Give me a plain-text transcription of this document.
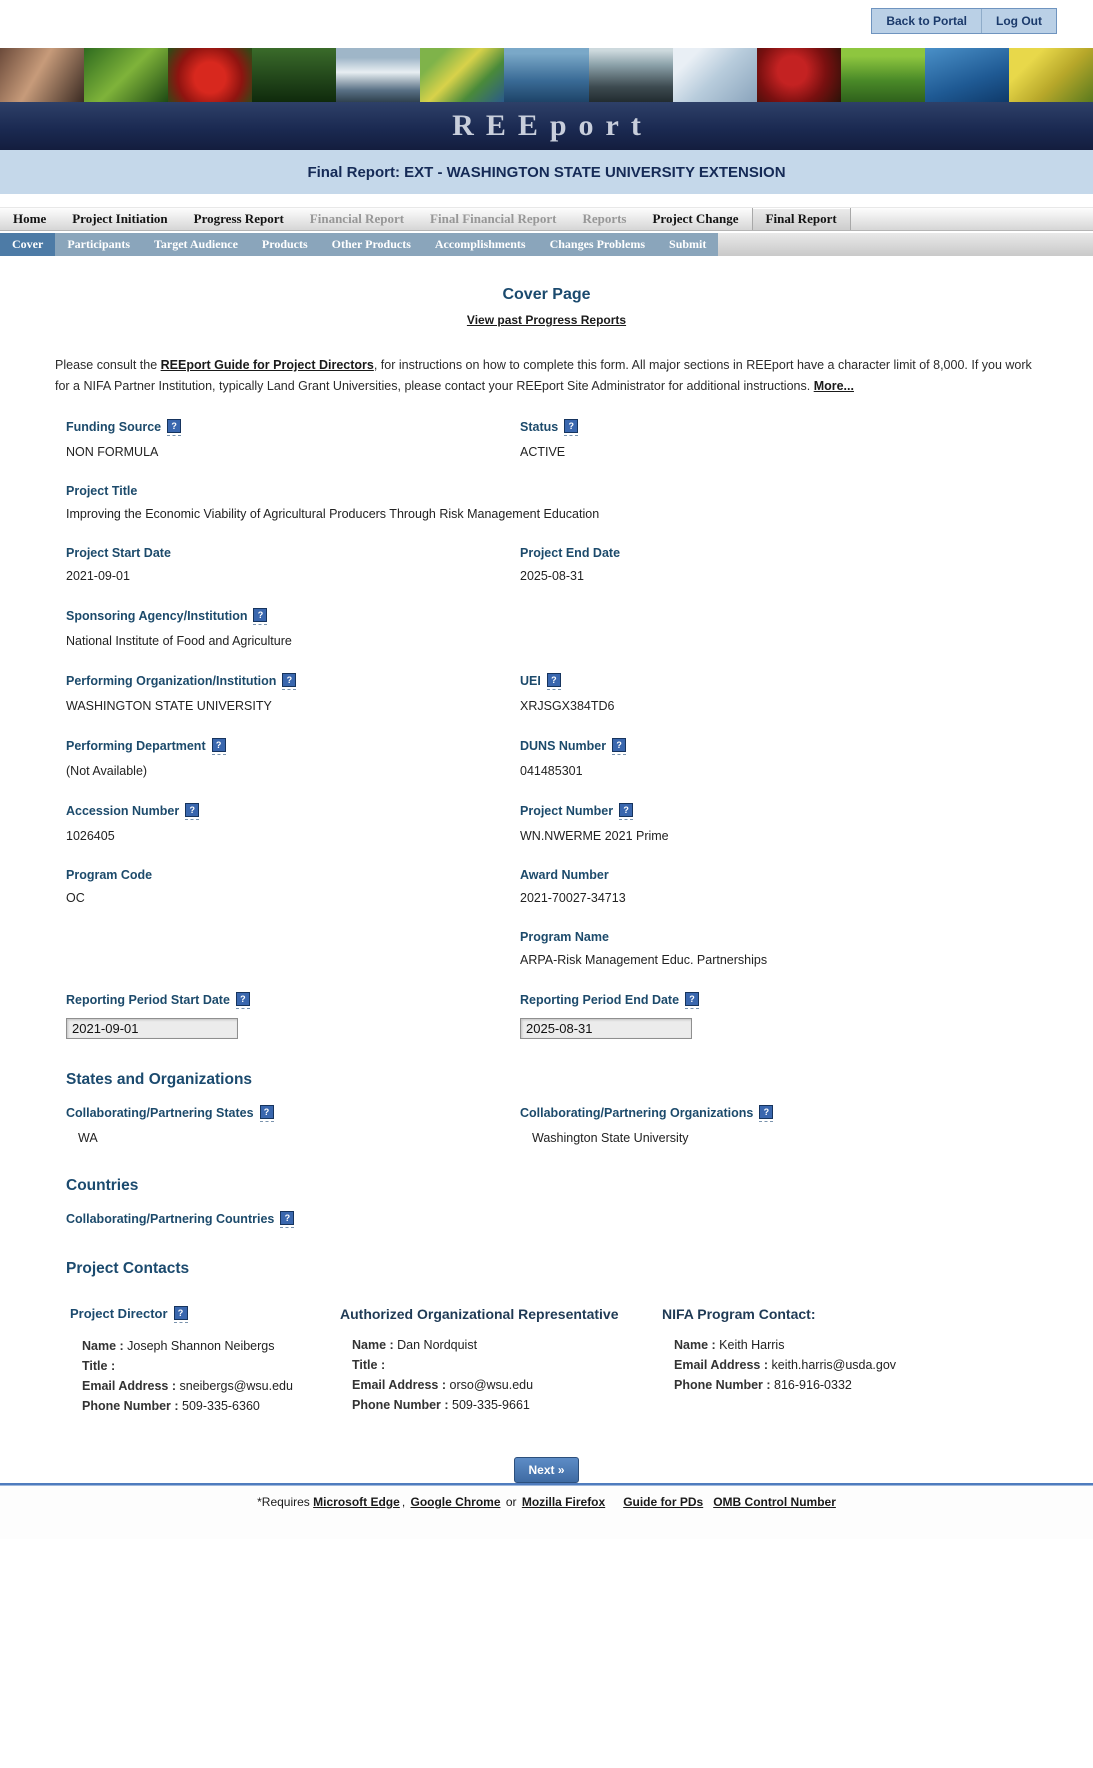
Back to Portal	Log Out
REEport
Final Report: EXT - WASHINGTON STATE UNIVERSITY EXTENSION
Home	Project Initiation	Progress Report	Financial Report	Final Financial Report	Reports	Project Change	Final Report
Cover	Participants	Target Audience	Products	Other Products	Accomplishments	Changes Problems	Submit
Cover Page
View past Progress Reports

Please consult the REEport Guide for Project Directors, for instructions on how to complete this form. All major sections in REEport have a character limit of 8,000. If you work for a NIFA Partner Institution, typically Land Grant Universities, please contact your REEport Site Administrator for additional instructions. More...

Funding Source?
NON FORMULA
Status?
ACTIVE
Project Title
Improving the Economic Viability of Agricultural Producers Through Risk Management Education
Project Start Date
2021-09-01
Project End Date
2025-08-31
Sponsoring Agency/Institution?
National Institute of Food and Agriculture
Performing Organization/Institution?
WASHINGTON STATE UNIVERSITY
UEI?
XRJSGX384TD6
Performing Department?
(Not Available)
DUNS Number?
041485301
Accession Number?
1026405
Project Number?
WN.NWERME 2021 Prime
Program Code
OC
Award Number
2021-70027-34713
Program Name
ARPA-Risk Management Educ. Partnerships
Reporting Period Start Date ?
2021-09-01	Reporting Period End Date?
2025-08-31
States and Organizations
Collaborating/Partnering States?
WA
Collaborating/Partnering Organizations?
Washington State University
Countries
Collaborating/Partnering Countries?
Project Contacts
Project Director?
Name : Joseph Shannon Neibergs
Title :
Email Address : sneibergs@wsu.edu
Phone Number : 509-335-6360
Authorized Organizational Representative
Name : Dan Nordquist
Title :
Email Address : orso@wsu.edu
Phone Number : 509-335-9661
NIFA Program Contact:
Name : Keith Harris
Email Address : keith.harris@usda.gov
Phone Number : 816-916-0332
Next »
*Requires Microsoft Edge , Google Chrome or Mozilla Firefox Guide for PDs OMB Control Number
